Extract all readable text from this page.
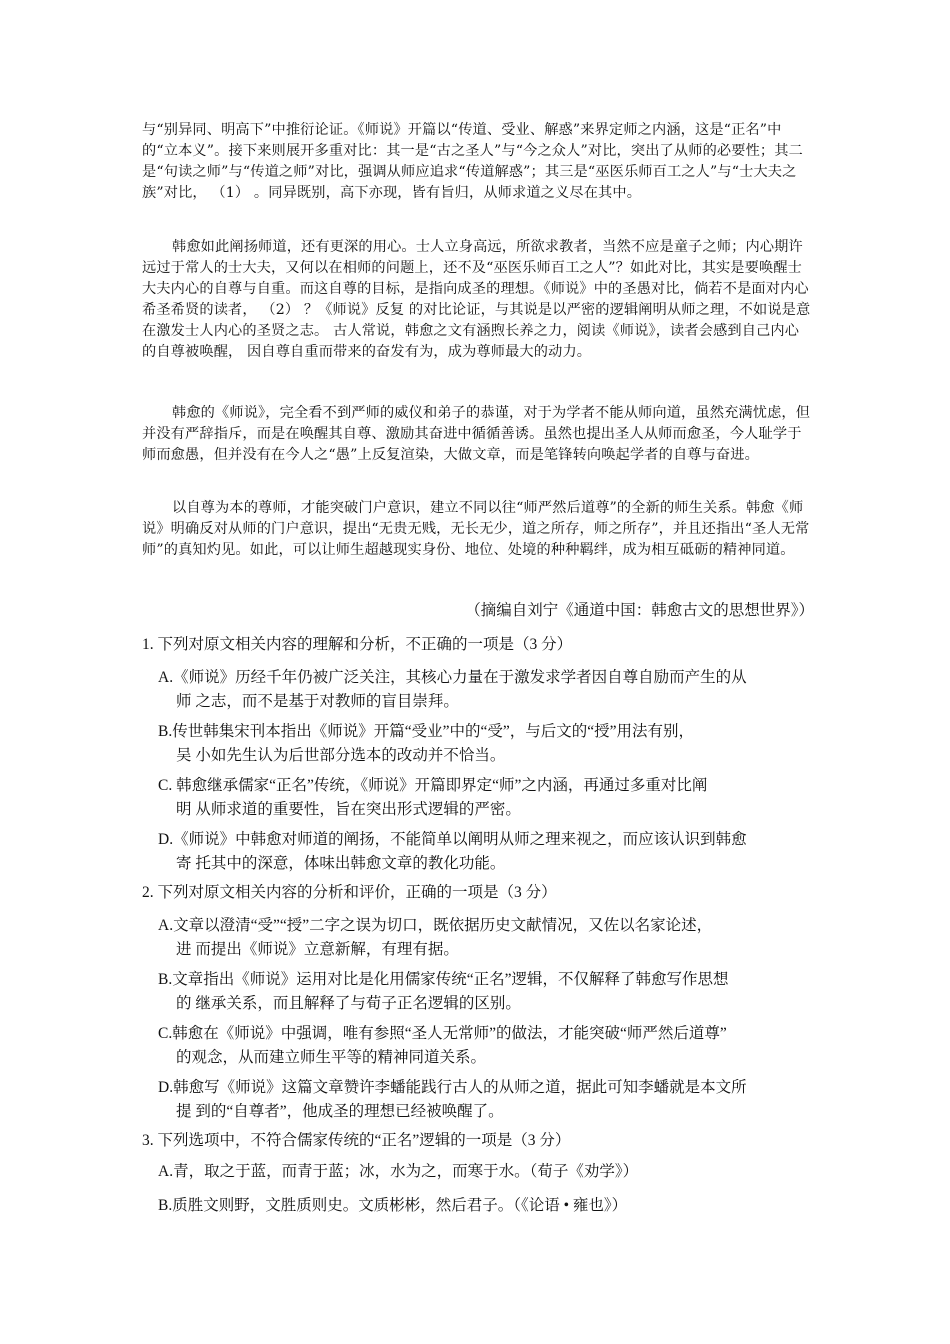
与“别异同、明高下”中推衍论证。《师说》开篇以“传道、受业、解惑”来界定师之内涵，这是“正名”中的“立本义”。接下来则展开多重对比：其一是“古之圣人”与“今之众人”对比，突出了从师的必要性；其二是“句读之师”与“传道之师”对比，强调从师应追求“传道解惑”；其三是“巫医乐师百工之人”与“士大夫之族”对比， （1） 。同异既别，高下亦现，皆有旨归，从师求道之义尽在其中。

韩愈如此阐扬师道，还有更深的用心。士人立身高远，所欲求教者，当然不应是童子之师；内心期许远过于常人的士大夫，又何以在相师的问题上，还不及“巫医乐师百工之人”？如此对比，其实是要唤醒士大夫内心的自尊与自重。而这自尊的目标，是指向成圣的理想。《师说》中的圣愚对比，倘若不是面对内心希圣希贤的读者， （2） ？《师说》反复 的对比论证，与其说是以严密的逻辑阐明从师之理，不如说是意在激发士人内心的圣贤之志。 古人常说，韩愈之文有涵煦长养之力，阅读《师说》，读者会感到自己内心的自尊被唤醒， 因自尊自重而带来的奋发有为，成为尊师最大的动力。

韩愈的《师说》，完全看不到严师的威仪和弟子的恭谨，对于为学者不能从师向道，虽然充满忧虑，但并没有严辞指斥，而是在唤醒其自尊、激励其奋进中循循善诱。虽然也提出圣人从师而愈圣，今人耻学于师而愈愚，但并没有在今人之“愚”上反复渲染，大做文章，而是笔锋转向唤起学者的自尊与奋进。

以自尊为本的尊师，才能突破门户意识，建立不同以往“师严然后道尊”的全新的师生关系。韩愈《师说》明确反对从师的门户意识，提出“无贵无贱，无长无少，道之所存，师之所存”，并且还指出“圣人无常师”的真知灼见。如此，可以让师生超越现实身份、地位、处境的种种羁绊，成为相互砥砺的精神同道。

（摘编自刘宁《通道中国：韩愈古文的思想世界》）

1. 下列对原文相关内容的理解和分析，不正确的一项是（3 分）

A.《师说》历经千年仍被广泛关注，其核心力量在于激发求学者因自尊自励而产生的从
师 之志，而不是基于对教师的盲目崇拜。

B.传世韩集宋刊本指出《师说》开篇“受业”中的“受”，与后文的“授”用法有别，
吴 小如先生认为后世部分选本的改动并不恰当。

C. 韩愈继承儒家“正名”传统，《师说》开篇即界定“师”之内涵，再通过多重对比阐
明 从师求道的重要性，旨在突出形式逻辑的严密。

D.《师说》中韩愈对师道的阐扬，不能简单以阐明从师之理来视之，而应该认识到韩愈
寄 托其中的深意，体味出韩愈文章的教化功能。

2. 下列对原文相关内容的分析和评价，正确的一项是（3 分）

A.文章以澄清“受”“授”二字之误为切口，既依据历史文献情况，又佐以名家论述，
进 而提出《师说》立意新解，有理有据。

B.文章指出《师说》运用对比是化用儒家传统“正名”逻辑，不仅解释了韩愈写作思想
的 继承关系，而且解释了与荀子正名逻辑的区别。

C.韩愈在《师说》中强调，唯有参照“圣人无常师”的做法，才能突破“师严然后道尊”
的观念，从而建立师生平等的精神同道关系。

D.韩愈写《师说》这篇文章赞许李蟠能践行古人的从师之道，据此可知李蟠就是本文所
提 到的“自尊者”，他成圣的理想已经被唤醒了。

3. 下列选项中，不符合儒家传统的“正名”逻辑的一项是（3 分）

A.青，取之于蓝，而青于蓝；冰，水为之，而寒于水。（荀子《劝学》）

B.质胜文则野，文胜质则史。文质彬彬，然后君子。（《论语 • 雍也》）
